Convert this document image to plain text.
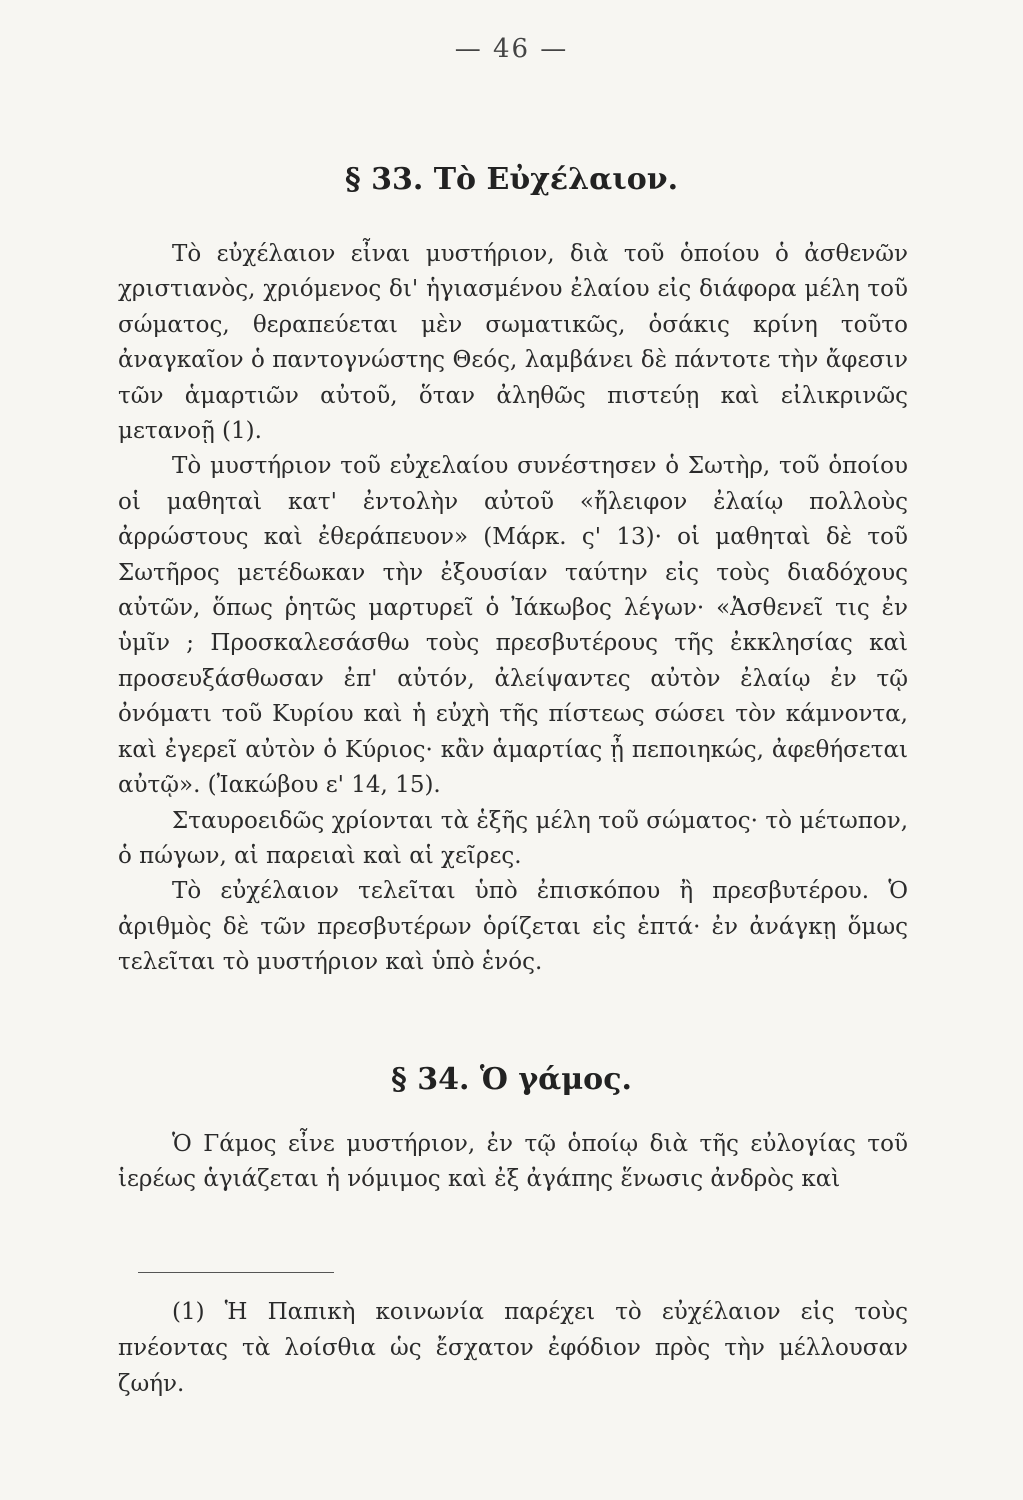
— 46 —
§ 33. Τὸ Εὐχέλαιον.

Τὸ εὐχέλαιον εἶναι μυστήριον, διὰ τοῦ ὁποίου ὁ ἀσθενῶν χριστιανὸς, χριόμενος δι' ἡγιασμένου ἐλαίου εἰς διάφορα μέλη τοῦ σώματος, θεραπεύεται μὲν σωματικῶς, ὁσάκις κρίνη τοῦτο ἀναγκαῖον ὁ παντογνώστης Θεός, λαμβάνει δὲ πάντοτε τὴν ἄφεσιν τῶν ἁμαρτιῶν αὐτοῦ, ὅταν ἀληθῶς πιστεύῃ καὶ εἰλικρινῶς μετανοῇ (1).

Τὸ μυστήριον τοῦ εὐχελαίου συνέστησεν ὁ Σωτὴρ, τοῦ ὁποίου οἱ μαθηταὶ κατ' ἐντολὴν αὐτοῦ «ἤλειφον ἐλαίῳ πολλοὺς ἀρρώστους καὶ ἐθεράπευον» (Μάρκ. ς' 13)· οἱ μαθηταὶ δὲ τοῦ Σωτῆρος μετέδωκαν τὴν ἐξουσίαν ταύτην εἰς τοὺς διαδόχους αὐτῶν, ὅπως ῥητῶς μαρτυρεῖ ὁ Ἰάκωβος λέγων· «Ἀσθενεῖ τις ἐν ὑμῖν ; Προσκαλεσάσθω τοὺς πρεσβυτέρους τῆς ἐκκλησίας καὶ προσευξάσθωσαν ἐπ' αὐτόν, ἀλείψαντες αὐτὸν ἐλαίῳ ἐν τῷ ὀνόματι τοῦ Κυρίου καὶ ἡ εὐχὴ τῆς πίστεως σώσει τὸν κάμνοντα, καὶ ἐγερεῖ αὐτὸν ὁ Κύριος· κἂν ἁμαρτίας ᾖ πεποιηκώς, ἀφεθήσεται αὐτῷ». (Ἰακώβου ε' 14, 15).

Σταυροειδῶς χρίονται τὰ ἑξῆς μέλη τοῦ σώματος· τὸ μέτωπον, ὁ πώγων, αἱ παρειαὶ καὶ αἱ χεῖρες.

Τὸ εὐχέλαιον τελεῖται ὑπὸ ἐπισκόπου ἢ πρεσβυτέρου. Ὁ ἀριθμὸς δὲ τῶν πρεσβυτέρων ὁρίζεται εἰς ἑπτά· ἐν ἀνάγκῃ ὅμως τελεῖται τὸ μυστήριον καὶ ὑπὸ ἑνός.

§ 34. Ὁ γάμος.

Ὁ Γάμος εἶνε μυστήριον, ἐν τῷ ὁποίῳ διὰ τῆς εὐλογίας τοῦ ἱερέως ἁγιάζεται ἡ νόμιμος καὶ ἐξ ἀγάπης ἕνωσις ἀνδρὸς καὶ

(1) Ἡ Παπικὴ κοινωνία παρέχει τὸ εὐχέλαιον εἰς τοὺς πνέοντας τὰ λοίσθια ὡς ἔσχατον ἐφόδιον πρὸς τὴν μέλλουσαν ζωήν.
